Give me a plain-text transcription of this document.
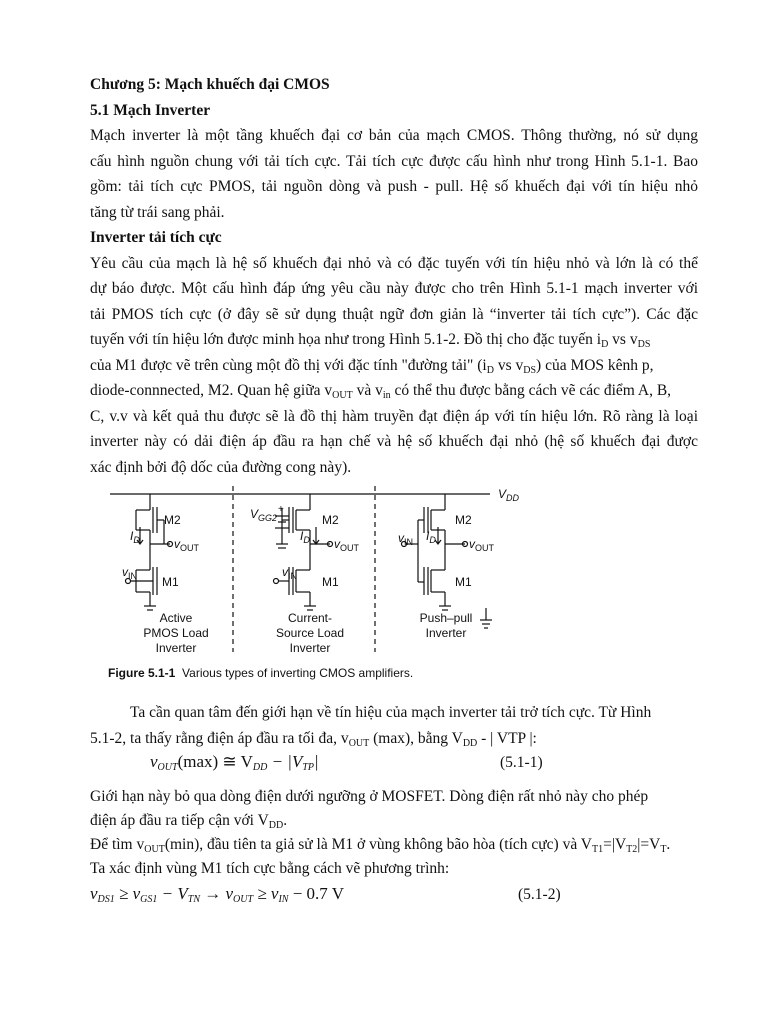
Chương 5: Mạch khuếch đại CMOS
5.1 Mạch Inverter
Mạch inverter là một tầng khuếch đại cơ bản của mạch CMOS. Thông thường, nó sử dụng
cấu hình nguồn chung với tải tích cực. Tải tích cực được cấu hình như trong Hình 5.1-1. Bao
gồm: tải tích cực PMOS, tải nguồn dòng và push - pull. Hệ số khuếch đại với tín hiệu nhỏ
tăng từ trái sang phải.
Inverter tải tích cực
Yêu cầu của mạch là hệ số khuếch đại nhỏ và có đặc tuyến với tín hiệu nhỏ và lớn là có thể
dự báo được. Một cấu hình đáp ứng yêu cầu này được cho trên Hình 5.1-1 mạch inverter với
tải PMOS tích cực (ở đây sẽ sử dụng thuật ngữ đơn giản là “inverter tải tích cực”). Các đặc
tuyến với tín hiệu lớn được minh họa như trong Hình 5.1-2. Đồ thị cho đặc tuyến $i_D$ vs $v_{DS}$
của M1 được vẽ trên cùng một đồ thị với đặc tính "đường tải" ($i_D$ vs $v_{DS}$) của MOS kênh p,
diode-connnected, M2. Quan hệ giữa $v_{OUT}$ và $v_{in}$ có thể thu được bằng cách vẽ các điểm A, B,
C, v.v và kết quả thu được sẽ là đồ thị hàm truyền đạt điện áp với tín hiệu lớn. Rõ ràng là loại
inverter này có dải điện áp đầu ra hạn chế và hệ số khuếch đại nhỏ (hệ số khuếch đại được
xác định bởi độ dốc của đường cong này).
$V_{DD}$
M2
M1
$I_D$	$v_{OUT}$
$v_{IN}$
Active
PMOS Load
Inverter
+
$V_{GG2}$	M2
M1
$I_D$ $v_{OUT}$
$v_{IN}$
Current-
Source Load
Inverter
M2
M1
$I_D$	$v_{OUT}$
$v_{IN}$
Push–pull
Inverter
Figure 5.1-1 Various types of inverting CMOS amplifiers.
Ta cần quan tâm đến giới hạn về tín hiệu của mạch inverter tải trở tích cực. Từ Hình
5.1-2, ta thấy rằng điện áp đầu ra tối đa, $v_{OUT}$ (max), bằng $V_{DD}$ - | VTP |:
$v_{OUT}(\max)$ ≅ $V_{DD} - |V_{TP}|$	(5.1-1)
Giới hạn này bỏ qua dòng điện dưới ngưỡng ở MOSFET. Dòng điện rất nhỏ này cho phép
điện áp đầu ra tiếp cận với $V_{DD}$.
Để tìm $v_{OUT}(\min)$, đầu tiên ta giả sử là M1 ở vùng không bão hòa (tích cực) và $V_{T1}=|V_{T2}|=V_T$.
Ta xác định vùng M1 tích cực bằng cách vẽ phương trình:
$v_{DS1} \ge v_{GS1} - V_{TN} \to v_{OUT} \ge v_{IN} - 0.7$ V	(5.1-2)
